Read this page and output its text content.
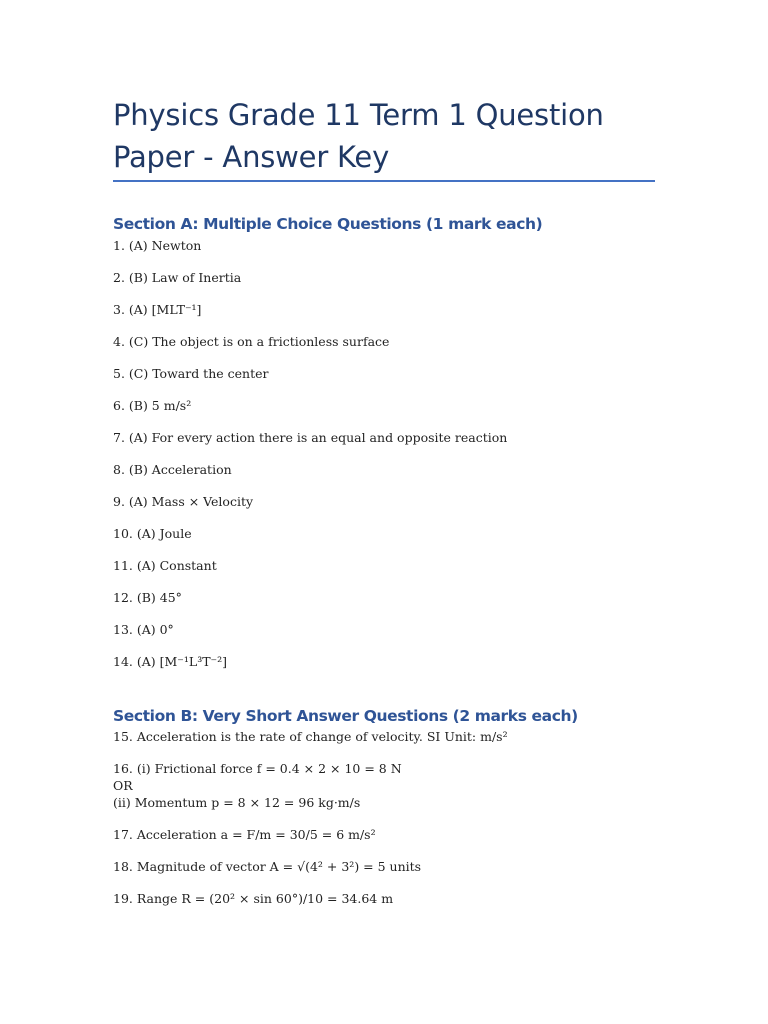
Physics Grade 11 Term 1 Question Paper - Answer Key
Section A: Multiple Choice Questions (1 mark each)
1. (A) Newton
2. (B) Law of Inertia
3. (A) [MLT⁻¹]
4. (C) The object is on a frictionless surface
5. (C) Toward the center
6. (B) 5 m/s²
7. (A) For every action there is an equal and opposite reaction
8. (B) Acceleration
9. (A) Mass × Velocity
10. (A) Joule
11. (A) Constant
12. (B) 45°
13. (A) 0°
14. (A) [M⁻¹L³T⁻²]
Section B: Very Short Answer Questions (2 marks each)
15. Acceleration is the rate of change of velocity. SI Unit: m/s²
16. (i) Frictional force f = 0.4 × 2 × 10 = 8 N
OR
(ii) Momentum p = 8 × 12 = 96 kg·m/s
17. Acceleration a = F/m = 30/5 = 6 m/s²
18. Magnitude of vector A = √(4² + 3²) = 5 units
19. Range R = (20² × sin 60°)/10 = 34.64 m
